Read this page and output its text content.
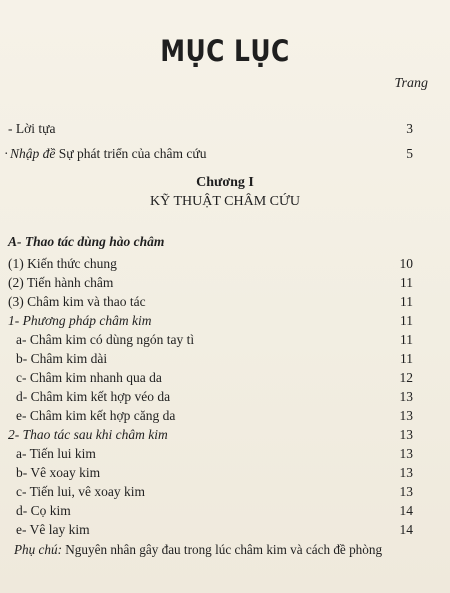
MỤC LỤC
Trang
- Lời tựa	3
· Nhập đề Sự phát triển của châm cứu	5
Chương I
KỸ THUẬT CHÂM CỨU
A- Thao tác dùng hào châm
(1) Kiến thức chung	10
(2) Tiến hành châm	11
(3) Châm kim và thao tác	11
1- Phương pháp châm kim	11
a- Châm kim có dùng ngón tay tì	11
b- Châm kim dài	11
c- Châm kim nhanh qua da	12
d- Châm kim kết hợp véo da	13
e- Châm kim kết hợp căng da	13
2- Thao tác sau khi châm kim	13
a- Tiến lui kim	13
b- Vê xoay kim	13
c- Tiến lui, vê xoay kim	13
d- Cọ kim	14
e- Vê lay kim	14
Phụ chú: Nguyên nhân gây đau trong lúc châm kim và cách đề phòng
